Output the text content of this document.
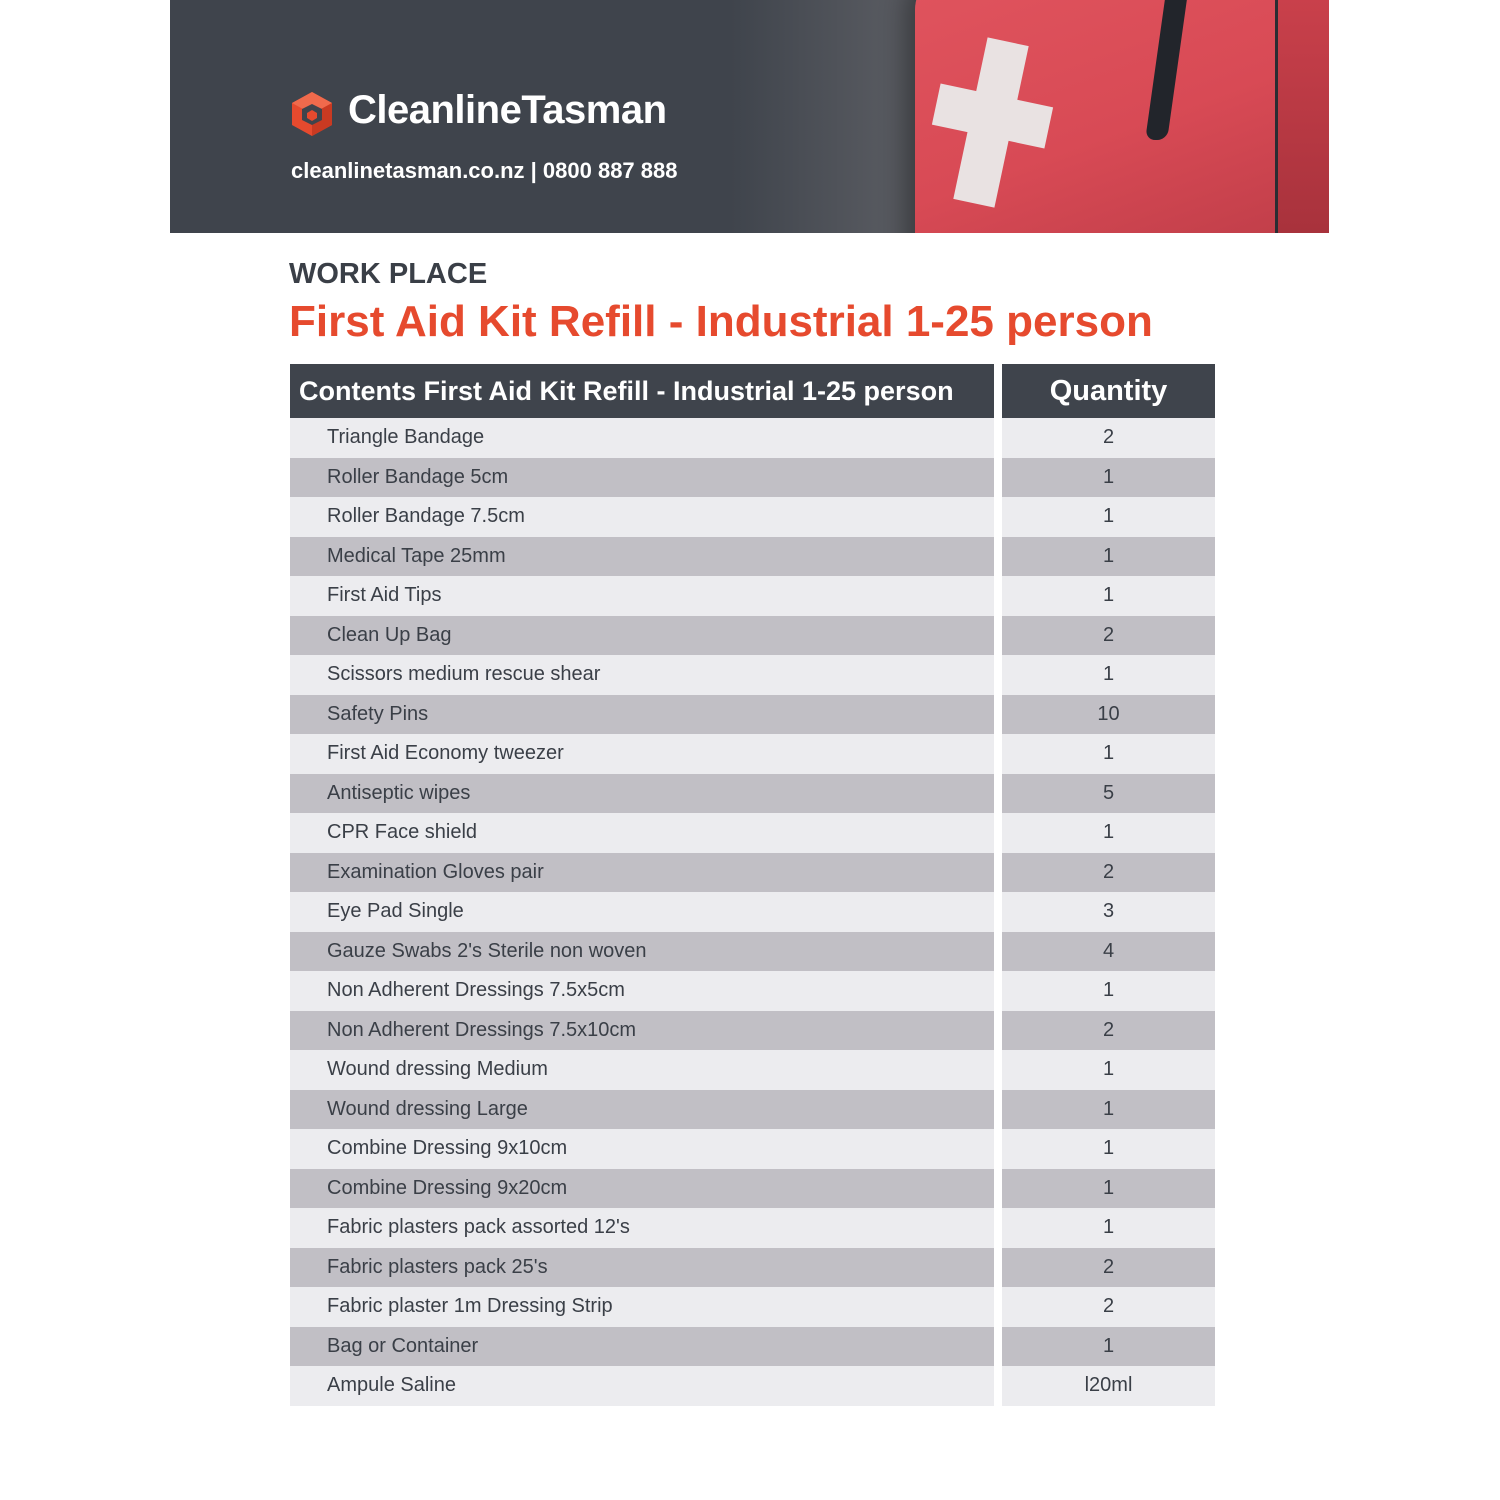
CleanlineTasman
cleanlinetasman.co.nz | 0800 887 888
WORK PLACE
First Aid Kit Refill - Industrial 1-25 person
Contents First Aid Kit Refill - Industrial 1-25 person	Quantity
Triangle Bandage	2
Roller Bandage 5cm	1
Roller Bandage 7.5cm	1
Medical Tape 25mm	1
First Aid Tips	1
Clean Up Bag	2
Scissors medium rescue shear	1
Safety Pins	10
First Aid Economy tweezer	1
Antiseptic wipes	5
CPR Face shield	1
Examination Gloves pair	2
Eye Pad Single	3
Gauze Swabs 2's Sterile non woven	4
Non Adherent Dressings 7.5x5cm	1
Non Adherent Dressings 7.5x10cm	2
Wound dressing Medium	1
Wound dressing Large	1
Combine Dressing 9x10cm	1
Combine Dressing 9x20cm	1
Fabric plasters pack assorted 12's	1
Fabric plasters pack 25's	2
Fabric plaster 1m Dressing Strip	2
Bag or Container	1
Ampule Saline	l20ml
